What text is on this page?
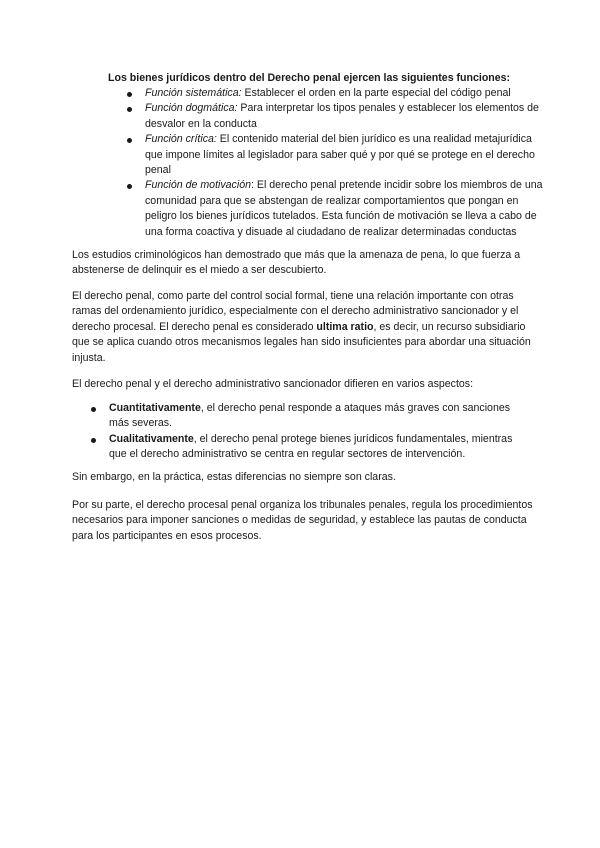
Los bienes jurídicos dentro del Derecho penal ejercen las siguientes funciones:

Función sistemática: Establecer el orden en la parte especial del código penal
Función dogmática: Para interpretar los tipos penales y establecer los elementos de desvalor en la conducta
Función crítica: El contenido material del bien jurídico es una realidad metajurídica que impone límites al legislador para saber qué y por qué se protege en el derecho penal
Función de motivación: El derecho penal pretende incidir sobre los miembros de una comunidad para que se abstengan de realizar comportamientos que pongan en peligro los bienes jurídicos tutelados. Esta función de motivación se lleva a cabo de una forma coactiva y disuade al ciudadano de realizar determinadas conductas

Los estudios criminológicos han demostrado que más que la amenaza de pena, lo que fuerza a abstenerse de delinquir es el miedo a ser descubierto.

El derecho penal, como parte del control social formal, tiene una relación importante con otras ramas del ordenamiento jurídico, especialmente con el derecho administrativo sancionador y el derecho procesal. El derecho penal es considerado ultima ratio, es decir, un recurso subsidiario que se aplica cuando otros mecanismos legales han sido insuficientes para abordar una situación injusta.

El derecho penal y el derecho administrativo sancionador difieren en varios aspectos:

Cuantitativamente, el derecho penal responde a ataques más graves con sanciones más severas.
Cualitativamente, el derecho penal protege bienes jurídicos fundamentales, mientras que el derecho administrativo se centra en regular sectores de intervención.

Sin embargo, en la práctica, estas diferencias no siempre son claras.

Por su parte, el derecho procesal penal organiza los tribunales penales, regula los procedimientos necesarios para imponer sanciones o medidas de seguridad, y establece las pautas de conducta para los participantes en esos procesos.
